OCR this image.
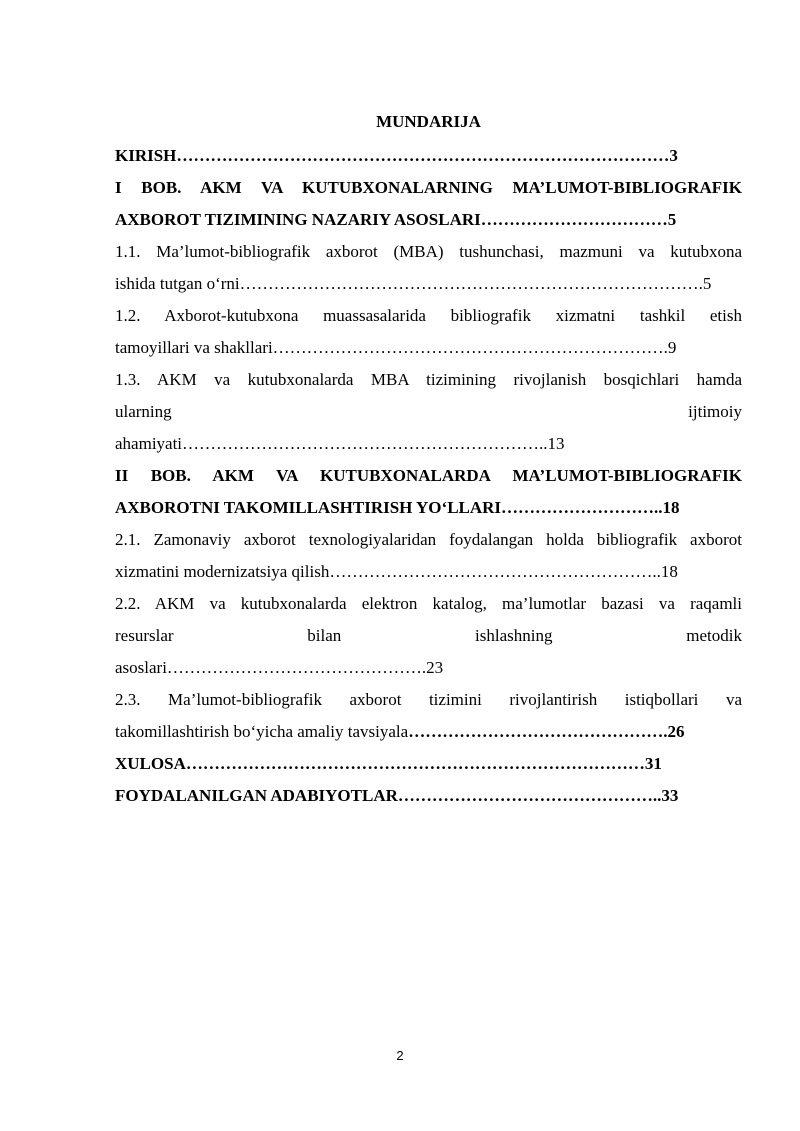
MUNDARIJA
KIRISH……………………………………………………………………………3
I BOB. AKM VA KUTUBXONALARNING MA’LUMOT-BIBLIOGRAFIK
AXBOROT TIZIMINING NAZARIY ASOSLARI……………………………5
1.1. Ma’lumot-bibliografik axborot (MBA) tushunchasi, mazmuni va kutubxona
ishida tutgan o‘rni……………………………………………………………………….5
1.2. Axborot-kutubxona muassasalarida bibliografik xizmatni tashkil etish
tamoyillari va shakllari…………………………………………………………….9
1.3. AKM va kutubxonalarda MBA tizimining rivojlanish bosqichlari hamda
ularning ijtimoiy
ahamiyati………………………………………………………..13
II BOB. AKM VA KUTUBXONALARDA MA’LUMOT-BIBLIOGRAFIK
AXBOROTNI TAKOMILLASHTIRISH YO‘LLARI………………………..18
2.1. Zamonaviy axborot texnologiyalaridan foydalangan holda bibliografik axborot
xizmatini modernizatsiya qilish…………………………………………………..18
2.2. AKM va kutubxonalarda elektron katalog, ma’lumotlar bazasi va raqamli
resurslar bilan ishlashning metodik
asoslari……………………………………….23
2.3. Ma’lumot-bibliografik axborot tizimini rivojlantirish istiqbollari va
takomillashtirish bo‘yicha amaliy tavsiyala……………………………………….26
XULOSA………………………………………………………………………31
FOYDALANILGAN ADABIYOTLAR………………………………………..33
2
